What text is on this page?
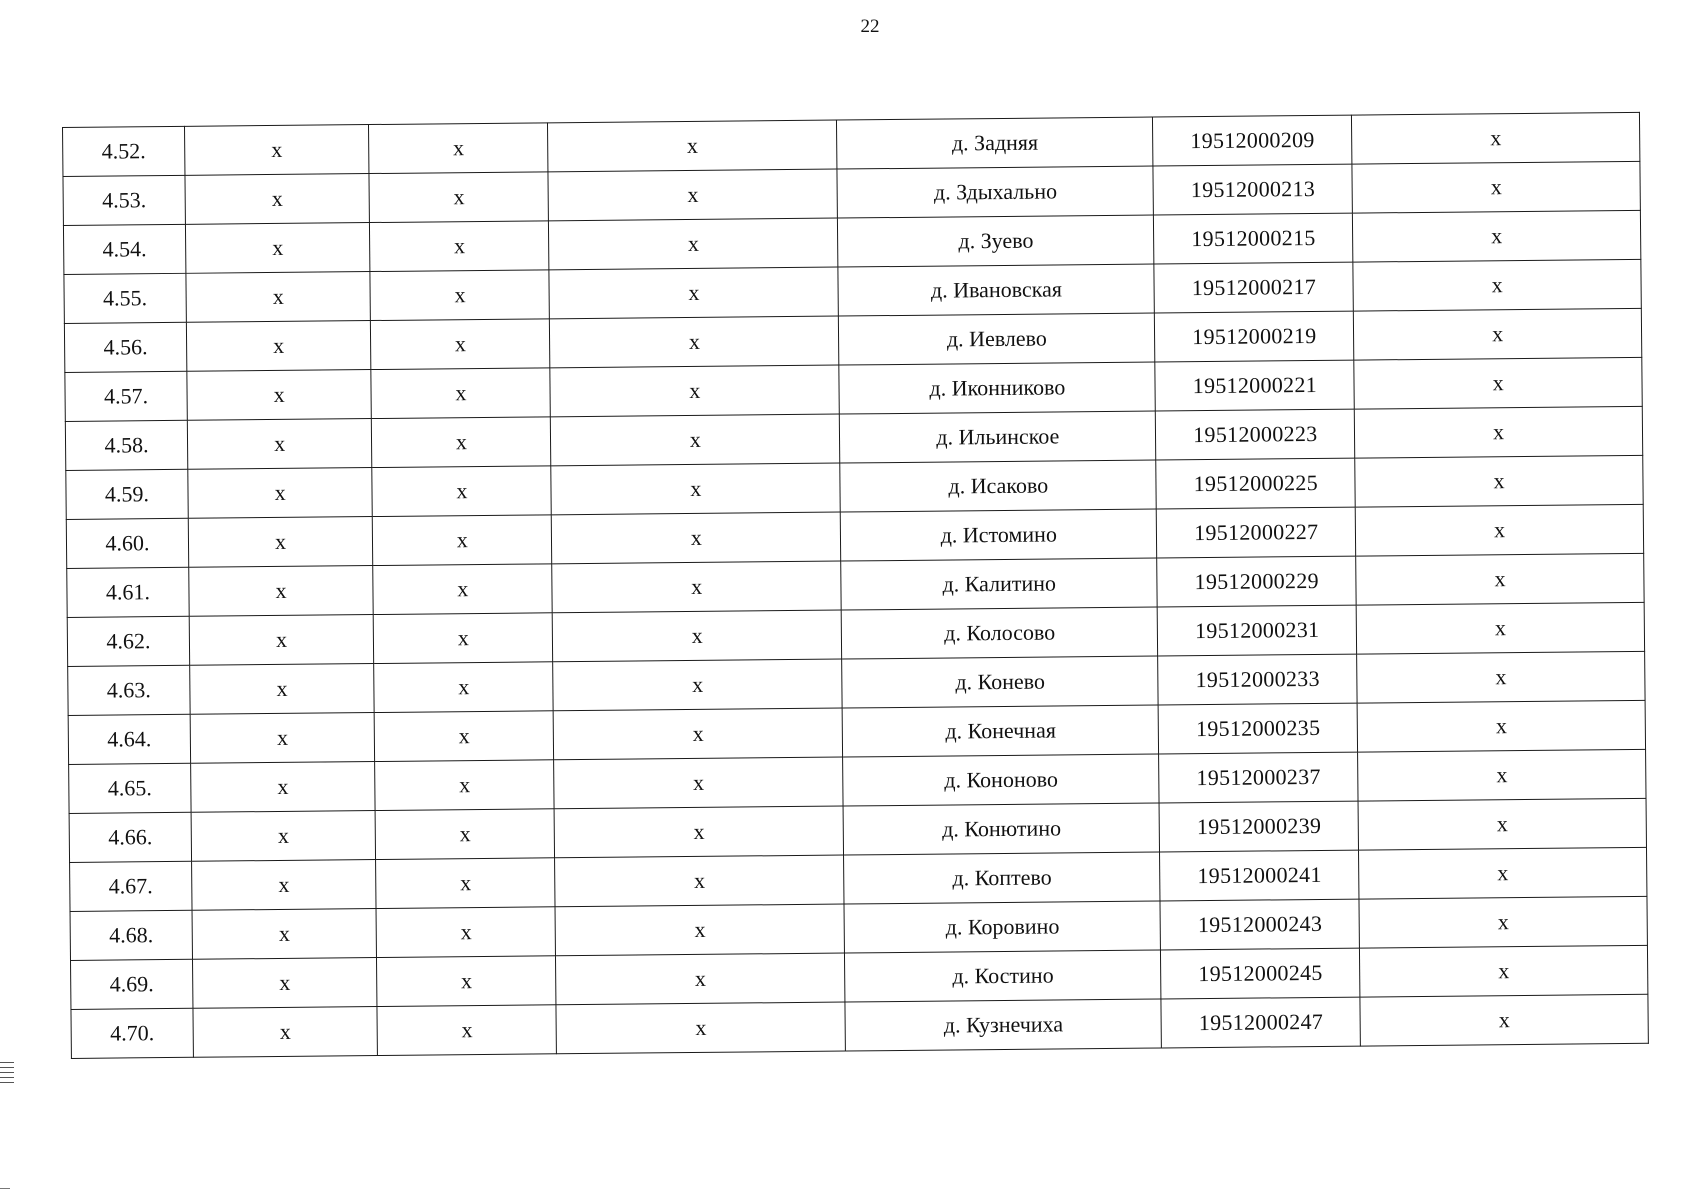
22
4.52.	х	х	х	д. Задняя	19512000209	х
4.53.	х	х	х	д. Здыхально	19512000213	х
4.54.	х	х	х	д. Зуево	19512000215	х
4.55.	х	х	х	д. Ивановская	19512000217	х
4.56.	х	х	х	д. Иевлево	19512000219	х
4.57.	х	х	х	д. Иконниково	19512000221	х
4.58.	х	х	х	д. Ильинское	19512000223	х
4.59.	х	х	х	д. Исаково	19512000225	х
4.60.	х	х	х	д. Истомино	19512000227	х
4.61.	х	х	х	д. Калитино	19512000229	х
4.62.	х	х	х	д. Колосово	19512000231	х
4.63.	х	х	х	д. Конево	19512000233	х
4.64.	х	х	х	д. Конечная	19512000235	х
4.65.	х	х	х	д. Кононово	19512000237	х
4.66.	х	х	х	д. Конютино	19512000239	х
4.67.	х	х	х	д. Коптево	19512000241	х
4.68.	х	х	х	д. Коровино	19512000243	х
4.69.	х	х	х	д. Костино	19512000245	х
4.70.	х	х	х	д. Кузнечиха	19512000247	х
